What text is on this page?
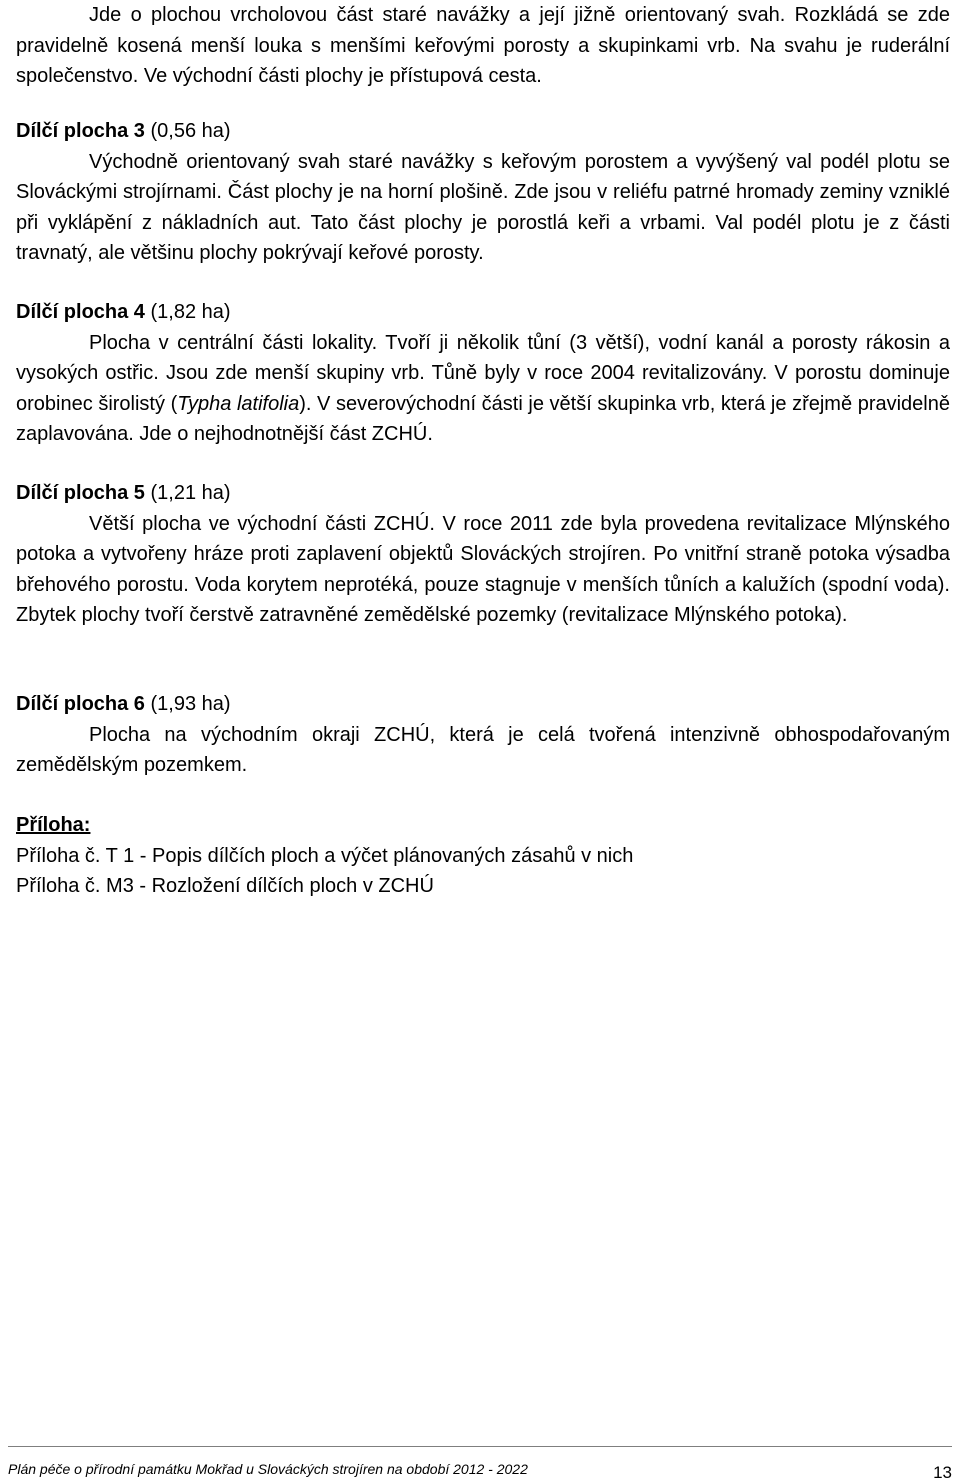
Jde o plochou vrcholovou část staré navážky a její jižně orientovaný svah. Rozkládá se zde pravidelně kosená menší louka s menšími keřovými porosty a skupinkami vrb. Na svahu je ruderální společenstvo. Ve východní části plochy je přístupová cesta.

Dílčí plocha 3 (0,56 ha)

Východně orientovaný svah staré navážky s keřovým porostem a vyvýšený val podél plotu se Slováckými strojírnami. Část plochy je na horní plošině. Zde jsou v reliéfu patrné hromady zeminy vzniklé při vyklápění z nákladních aut. Tato část plochy je porostlá keři a vrbami. Val podél plotu je z části travnatý, ale většinu plochy pokrývají keřové porosty.

Dílčí plocha 4 (1,82 ha)

Plocha v centrální části lokality. Tvoří ji několik tůní (3 větší), vodní kanál a porosty rákosin a vysokých ostřic. Jsou zde menší skupiny vrb. Tůně byly v roce 2004 revitalizovány. V porostu dominuje orobinec širolistý (Typha latifolia). V severovýchodní části je větší skupinka vrb, která je zřejmě pravidelně zaplavována. Jde o nejhodnotnější část ZCHÚ.

Dílčí plocha 5 (1,21 ha)

Větší plocha ve východní části ZCHÚ. V roce 2011 zde byla provedena revitalizace Mlýnského potoka a vytvořeny hráze proti zaplavení objektů Slováckých strojíren. Po vnitřní straně potoka výsadba břehového porostu. Voda korytem neprotéká, pouze stagnuje v menších tůních a kalužích (spodní voda). Zbytek plochy tvoří čerstvě zatravněné zemědělské pozemky (revitalizace Mlýnského potoka).

Dílčí plocha 6 (1,93 ha)

Plocha na východním okraji ZCHÚ, která je celá tvořená intenzivně obhospodařovaným zemědělským pozemkem.

Příloha:

Příloha č. T 1 - Popis dílčích ploch a výčet plánovaných zásahů v nich

Příloha č. M3 - Rozložení dílčích ploch v ZCHÚ

Plán péče o přírodní památku Mokřad u Slováckých strojíren na období 2012 - 2022	13
